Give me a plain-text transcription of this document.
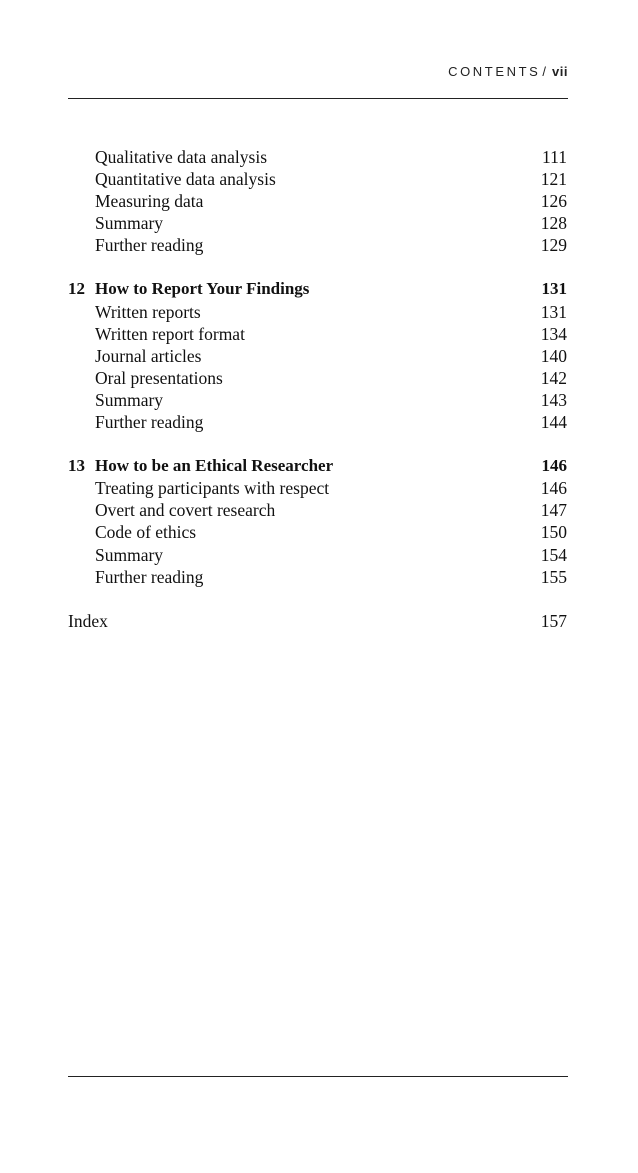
CONTENTS / vii
Qualitative data analysis	111
Quantitative data analysis	121
Measuring data	126
Summary	128
Further reading	129
12 How to Report Your Findings	131
Written reports	131
Written report format	134
Journal articles	140
Oral presentations	142
Summary	143
Further reading	144
13 How to be an Ethical Researcher	146
Treating participants with respect	146
Overt and covert research	147
Code of ethics	150
Summary	154
Further reading	155
Index	157
